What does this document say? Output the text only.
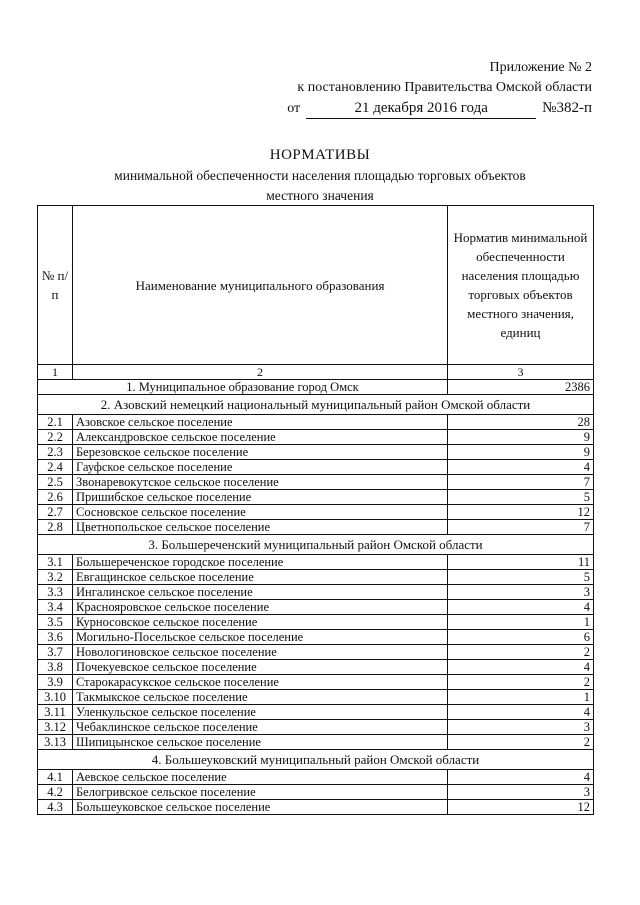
Приложение № 2
к постановлению Правительства Омской области
от	21 декабря 2016 года	№382-п
НОРМАТИВЫ
минимальной обеспеченности населения площадью торговых объектов
местного значения
№ п/п	Наименование муниципального образования	Норматив минимальной обеспеченности населения площадью торговых объектов местного значения, единиц
1	2	3
1. Муниципальное образование город Омск		2386
2. Азовский немецкий национальный муниципальный район Омской области		
2.1	Азовское сельское поселение	28
2.2	Александровское сельское поселение	9
2.3	Березовское сельское поселение	9
2.4	Гауфское сельское поселение	4
2.5	Звонаревокутское сельское поселение	7
2.6	Пришибское сельское поселение	5
2.7	Сосновское сельское поселение	12
2.8	Цветнопольское сельское поселение	7
3. Большереченский муниципальный район Омской области		
3.1	Большереченское городское поселение	11
3.2	Евгащинское сельское поселение	5
3.3	Ингалинское сельское поселение	3
3.4	Краснояровское сельское поселение	4
3.5	Курносовское сельское поселение	1
3.6	Могильно-Посельское сельское поселение	6
3.7	Новологиновское сельское поселение	2
3.8	Почекуевское сельское поселение	4
3.9	Старокарасукское сельское поселение	2
3.10	Такмыкское сельское поселение	1
3.11	Уленкульское сельское поселение	4
3.12	Чебаклинское сельское поселение	3
3.13	Шипицынское сельское поселение	2
4. Большеуковский муниципальный район Омской области		
4.1	Аевское сельское поселение	4
4.2	Белогривское сельское поселение	3
4.3	Большеуковское сельское поселение	12
